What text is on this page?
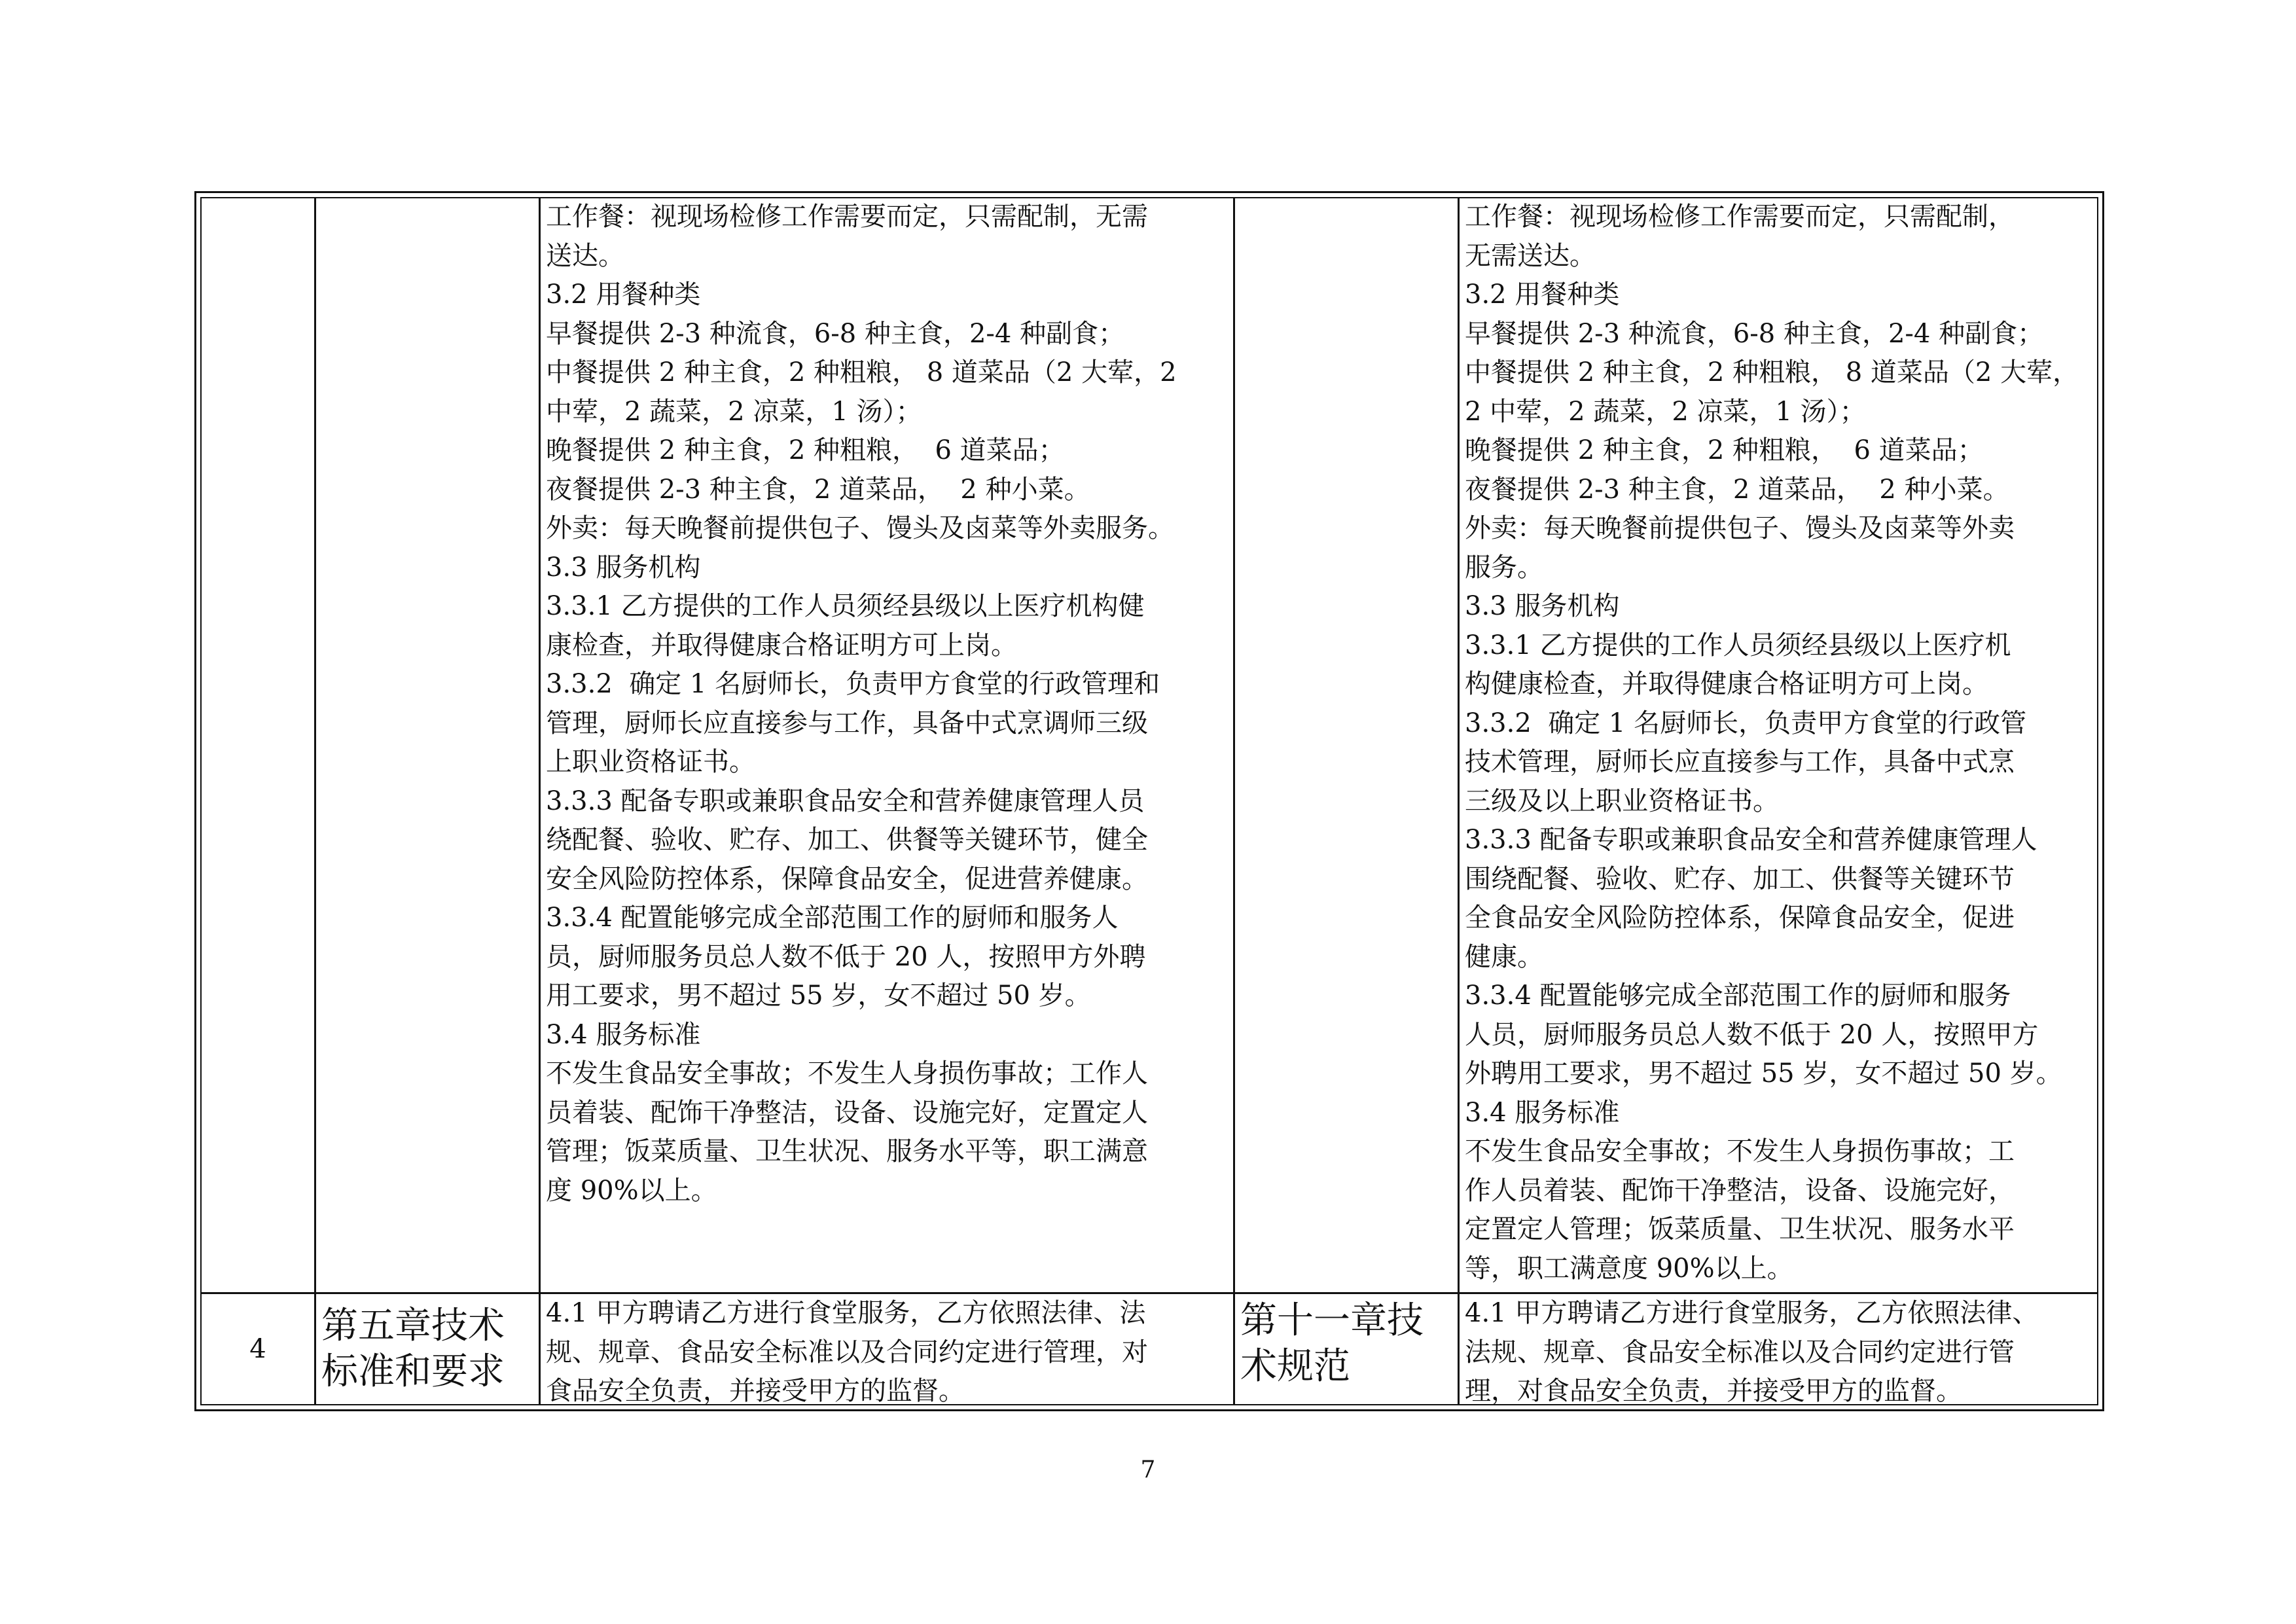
工作餐：视现场检修工作需要而定，只需配制，无需
送达。
3.2 用餐种类
早餐提供 2-3 种流食，6-8 种主食，2-4 种副食；
中餐提供 2 种主食，2 种粗粮， 8 道菜品（2 大荤，2
中荤，2 蔬菜，2 凉菜，1 汤）；
晚餐提供 2 种主食，2 种粗粮，  6 道菜品；
夜餐提供 2-3 种主食，2 道菜品，  2 种小菜。
外卖：每天晚餐前提供包子、馒头及卤菜等外卖服务。
3.3 服务机构
3.3.1 乙方提供的工作人员须经县级以上医疗机构健
康检查，并取得健康合格证明方可上岗。
3.3.2  确定 1 名厨师长，负责甲方食堂的行政管理和
管理，厨师长应直接参与工作，具备中式烹调师三级
上职业资格证书。
3.3.3 配备专职或兼职食品安全和营养健康管理人员
绕配餐、验收、贮存、加工、供餐等关键环节，健全
安全风险防控体系，保障食品安全，促进营养健康。
3.3.4 配置能够完成全部范围工作的厨师和服务人
员，厨师服务员总人数不低于 20 人，按照甲方外聘
用工要求，男不超过 55 岁，女不超过 50 岁。
3.4 服务标准
不发生食品安全事故；不发生人身损伤事故；工作人
员着装、配饰干净整洁，设备、设施完好，定置定人
管理；饭菜质量、卫生状况、服务水平等，职工满意
度 90%以上。
工作餐：视现场检修工作需要而定，只需配制，
无需送达。
3.2 用餐种类
早餐提供 2-3 种流食，6-8 种主食，2-4 种副食；
中餐提供 2 种主食，2 种粗粮， 8 道菜品（2 大荤，
2 中荤，2 蔬菜，2 凉菜，1 汤）；
晚餐提供 2 种主食，2 种粗粮，  6 道菜品；
夜餐提供 2-3 种主食，2 道菜品，  2 种小菜。
外卖：每天晚餐前提供包子、馒头及卤菜等外卖
服务。
3.3 服务机构
3.3.1 乙方提供的工作人员须经县级以上医疗机
构健康检查，并取得健康合格证明方可上岗。
3.3.2  确定 1 名厨师长，负责甲方食堂的行政管
技术管理，厨师长应直接参与工作，具备中式烹
三级及以上职业资格证书。
3.3.3 配备专职或兼职食品安全和营养健康管理人
围绕配餐、验收、贮存、加工、供餐等关键环节
全食品安全风险防控体系，保障食品安全，促进
健康。
3.3.4 配置能够完成全部范围工作的厨师和服务
人员，厨师服务员总人数不低于 20 人，按照甲方
外聘用工要求，男不超过 55 岁，女不超过 50 岁。
3.4 服务标准
不发生食品安全事故；不发生人身损伤事故；工
作人员着装、配饰干净整洁，设备、设施完好，
定置定人管理；饭菜质量、卫生状况、服务水平
等，职工满意度 90%以上。
4
第五章技术
标准和要求
4.1 甲方聘请乙方进行食堂服务，乙方依照法律、法
规、规章、食品安全标准以及合同约定进行管理，对
食品安全负责，并接受甲方的监督。
第十一章技
术规范
4.1 甲方聘请乙方进行食堂服务，乙方依照法律、
法规、规章、食品安全标准以及合同约定进行管
理，对食品安全负责，并接受甲方的监督。
7
